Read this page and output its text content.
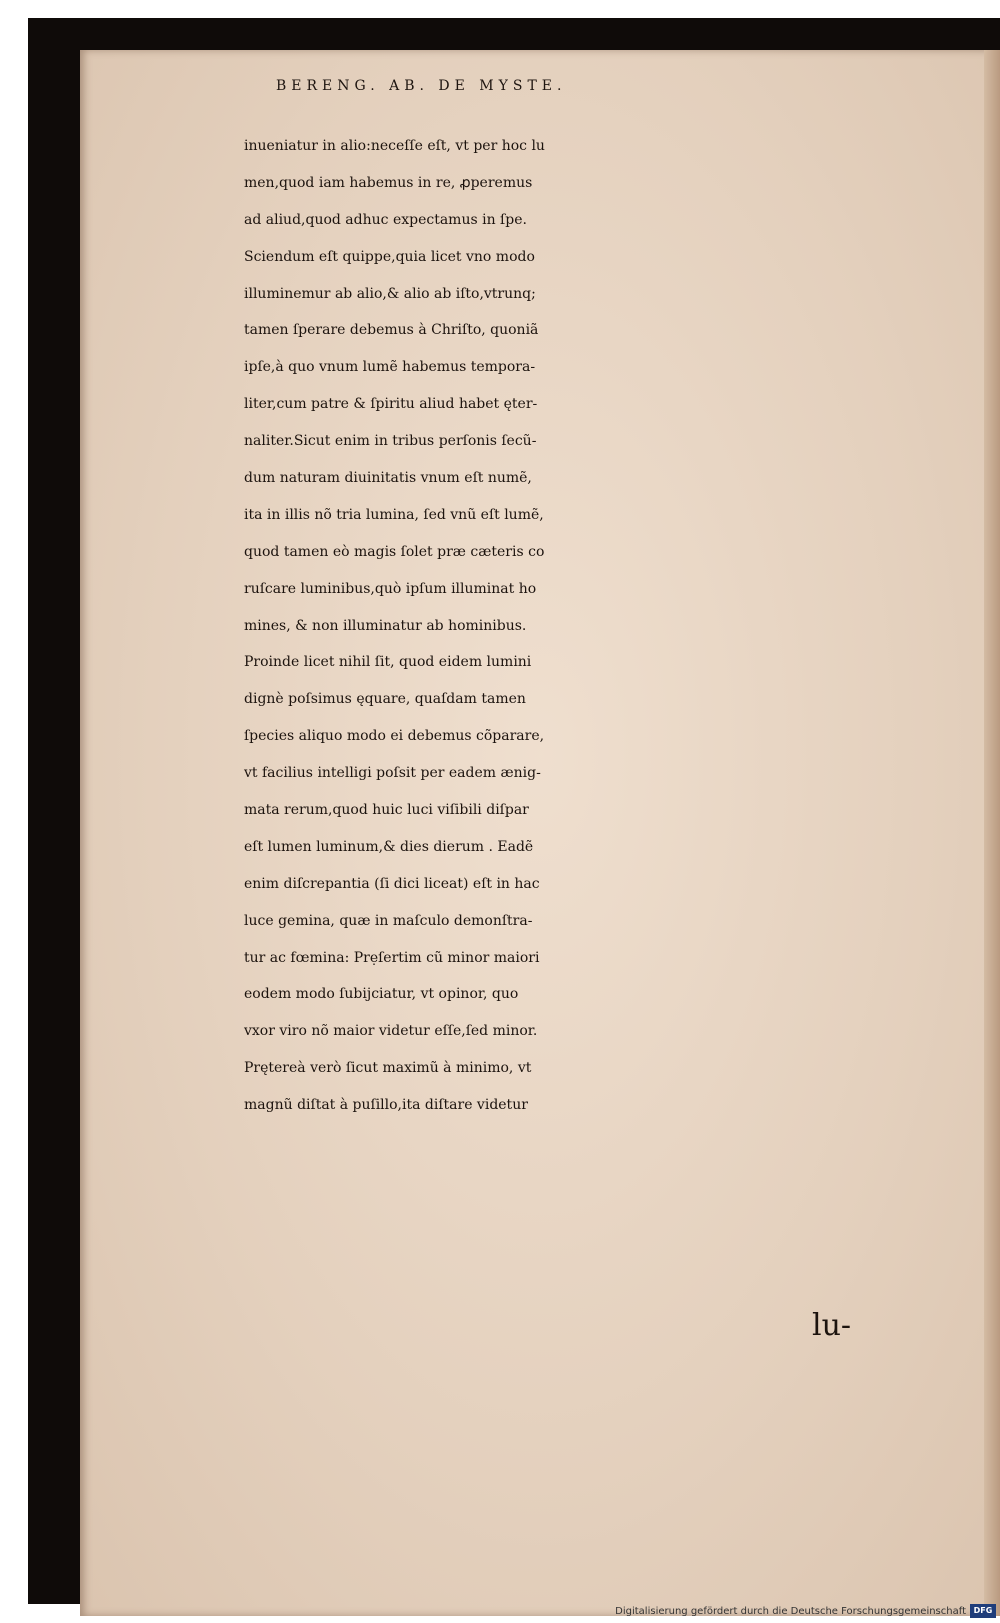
BERENG. AB. DE MYSTE.

inueniatur in alio:neceſſe eſt, vt per hoc lu
men,quod iam habemus in re, ꝓperemus
ad aliud,quod adhuc expectamus in ſpe.
Sciendum eſt quippe,quia licet vno modo
illuminemur ab alio,& alio ab iſto,vtrunq;
tamen ſperare debemus à Chriſto, quoniã
ipſe,à quo vnum lumẽ habemus tempora-
liter,cum patre & ſpiritu aliud habet ęter-
naliter.Sicut enim in tribus perſonis ſecũ-
dum naturam diuinitatis vnum eſt numẽ,
ita in illis nõ tria lumina, ſed vnũ eſt lumẽ,
quod tamen eò magis ſolet præ cæteris co
ruſcare luminibus,quò ipſum illuminat ho
mines, & non illuminatur ab hominibus.
Proinde licet nihil ſit, quod eidem lumini
dignè poſsimus ęquare, quaſdam tamen
ſpecies aliquo modo ei debemus cõparare,
vt facilius intelligi poſsit per eadem ænig-
mata rerum,quod huic luci viſibili diſpar
eſt lumen luminum,& dies dierum . Eadẽ
enim diſcrepantia (ſi dici liceat) eſt in hac
luce gemina, quæ in maſculo demonſtra-
tur ac fœmina: Prẹſertim cũ minor maiori
eodem modo ſubijciatur, vt opinor, quo
vxor viro nõ maior videtur eſſe,ſed minor.
Prętereà verò ſicut maximũ à minimo, vt
magnũ diſtat à puſillo,ita diſtare videtur
lu-
Digitalisierung gefördert durch die Deutsche Forschungsgemeinschaft DFG
